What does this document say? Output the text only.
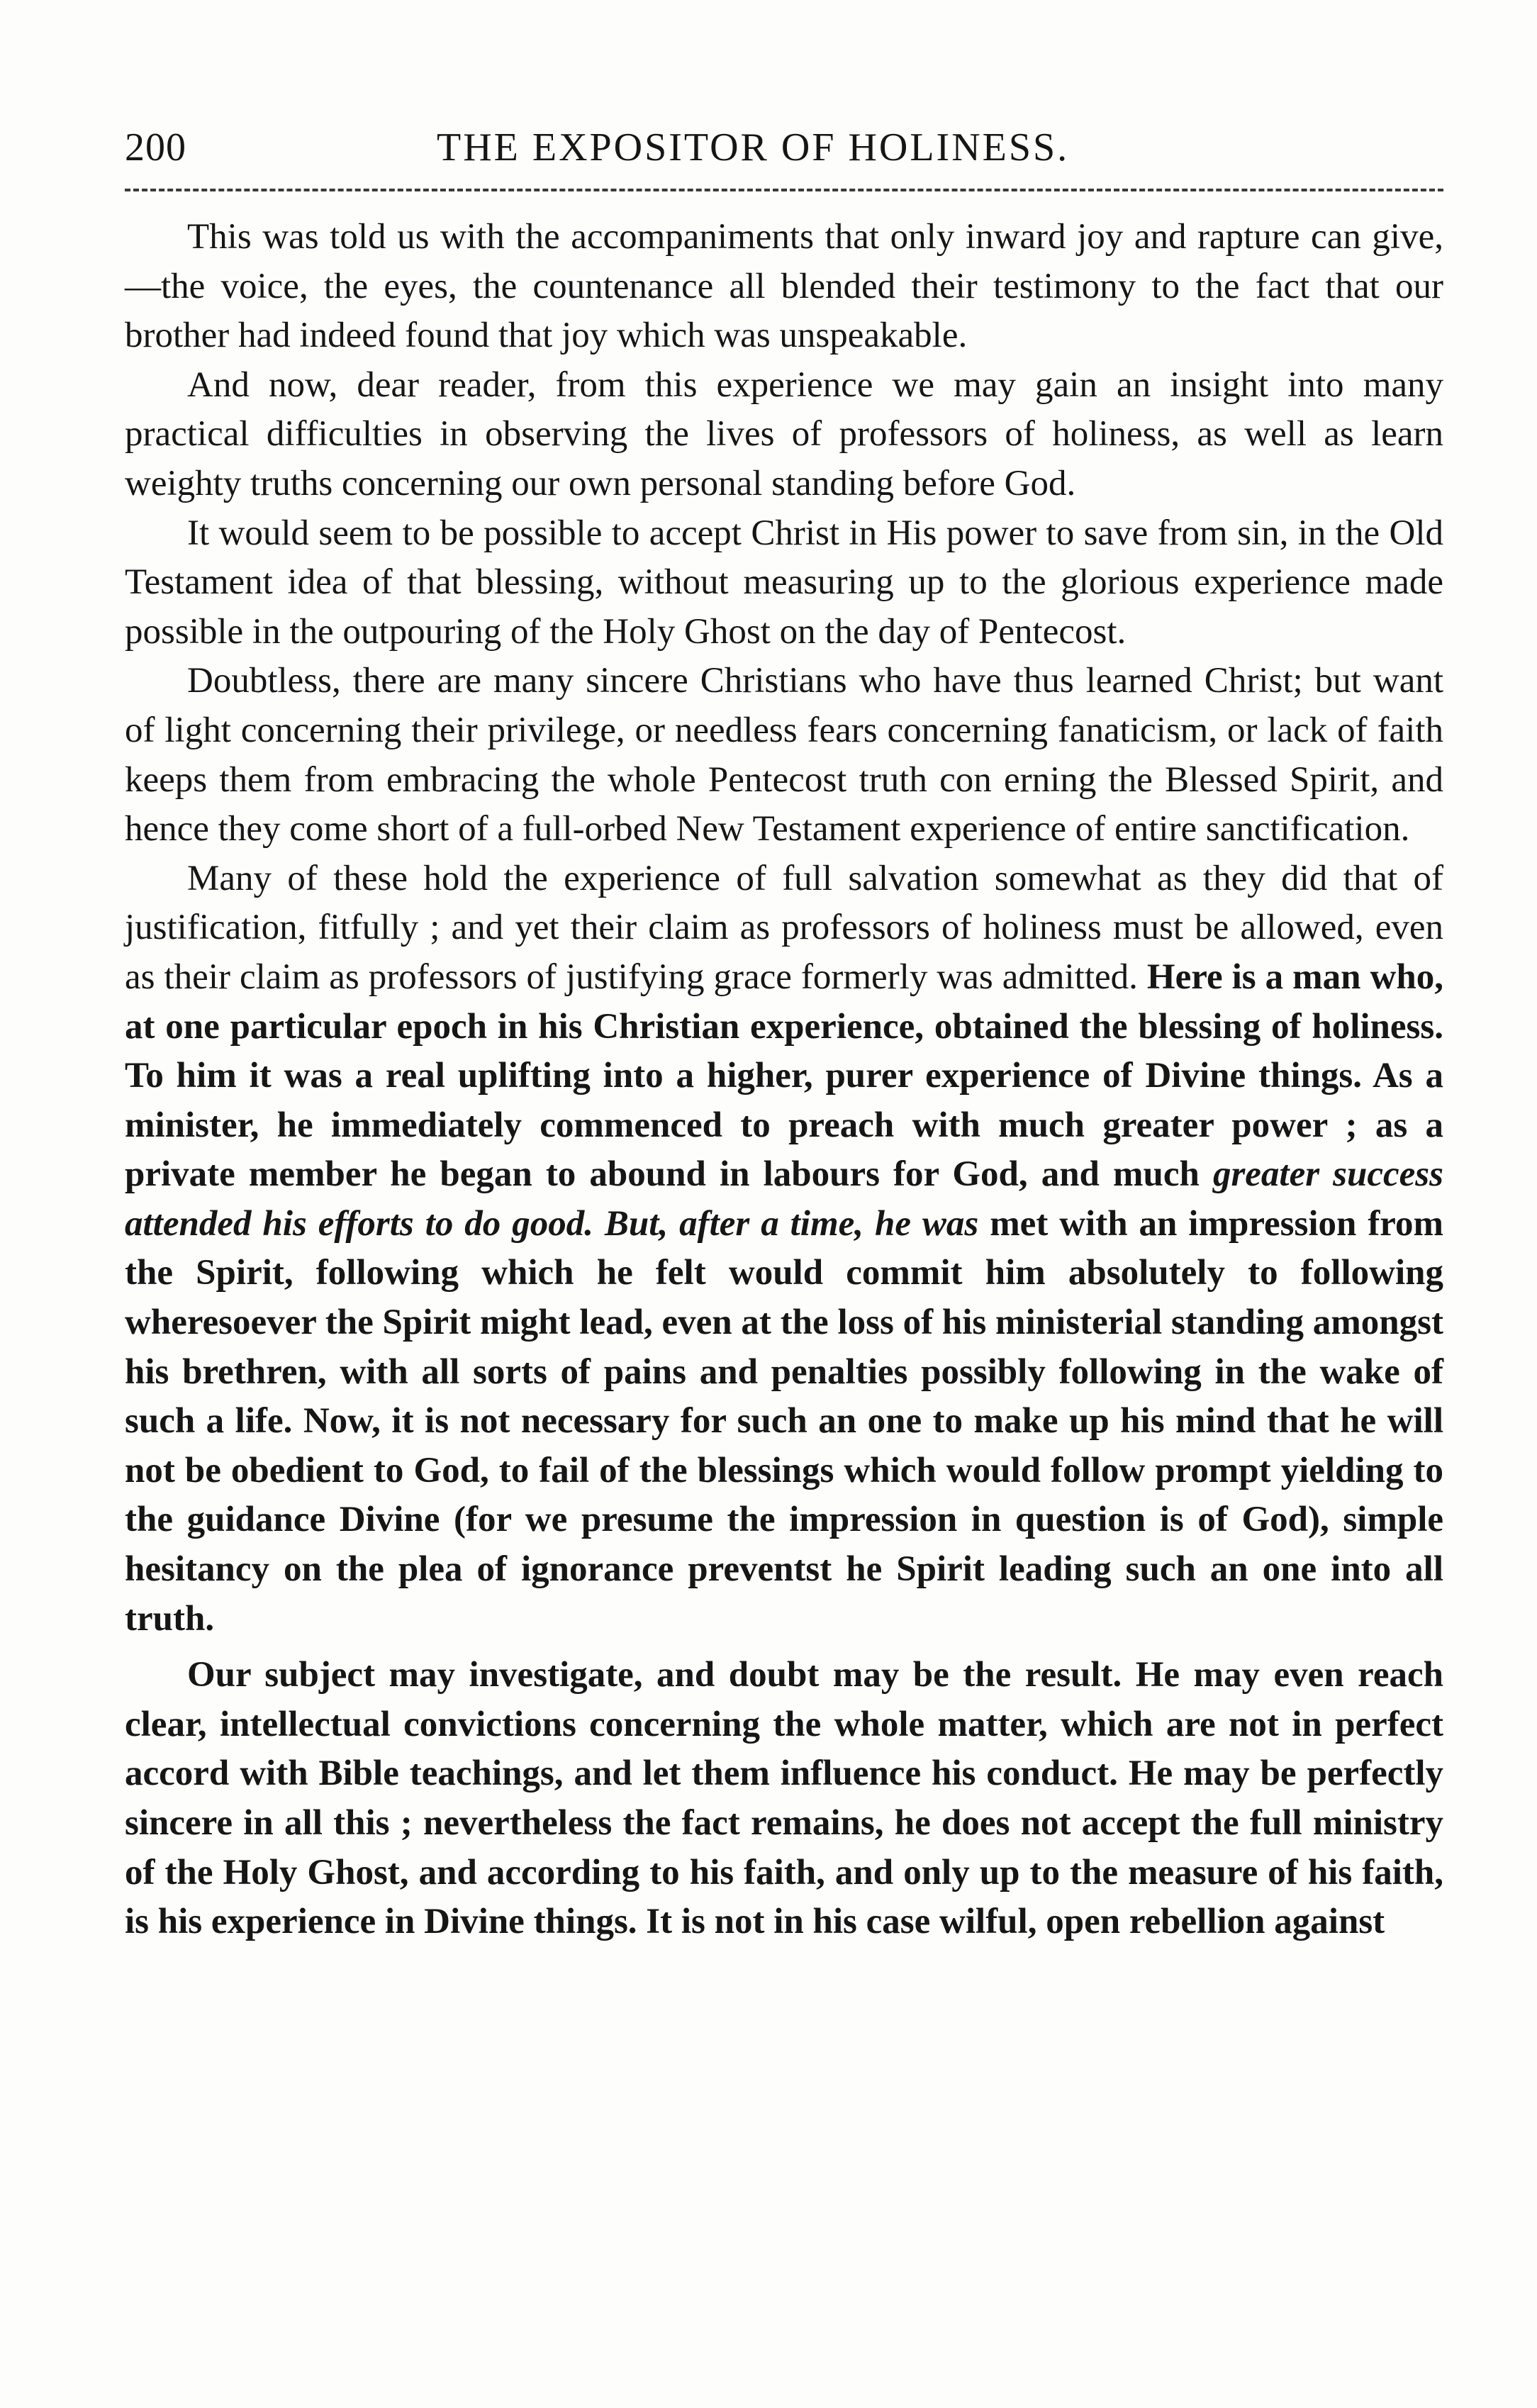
200	THE EXPOSITOR OF HOLINESS.

This was told us with the accompaniments that only inward joy and rapture can give,—the voice, the eyes, the countenance all blended their testimony to the fact that our brother had indeed found that joy which was unspeakable.

And now, dear reader, from this experience we may gain an insight into many practical difficulties in observing the lives of professors of holiness, as well as learn weighty truths concerning our own personal standing before God.

It would seem to be possible to accept Christ in His power to save from sin, in the Old Testament idea of that blessing, without measuring up to the glorious experience made possible in the outpouring of the Holy Ghost on the day of Pentecost.

Doubtless, there are many sincere Christians who have thus learned Christ; but want of light concerning their privilege, or needless fears concerning fanaticism, or lack of faith keeps them from embracing the whole Pentecost truth con erning the Blessed Spirit, and hence they come short of a full-orbed New Testament experience of entire sanctification.

Many of these hold the experience of full salvation somewhat as they did that of justification, fitfully ; and yet their claim as professors of holiness must be allowed, even as their claim as professors of justifying grace formerly was admitted. Here is a man who, at one particular epoch in his Christian experience, obtained the blessing of holiness. To him it was a real uplifting into a higher, purer experience of Divine things. As a minister, he immediately commenced to preach with much greater power ; as a private member he began to abound in labours for God, and much greater success attended his efforts to do good. But, after a time, he was met with an impression from the Spirit, following which he felt would commit him absolutely to following wheresoever the Spirit might lead, even at the loss of his ministerial standing amongst his brethren, with all sorts of pains and penalties possibly following in the wake of such a life. Now, it is not necessary for such an one to make up his mind that he will not be obedient to God, to fail of the blessings which would follow prompt yielding to the guidance Divine (for we presume the impression in question is of God), simple hesitancy on the plea of ignorance preventst he Spirit leading such an one into all truth.

Our subject may investigate, and doubt may be the result. He may even reach clear, intellectual convictions concerning the whole matter, which are not in perfect accord with Bible teachings, and let them influence his conduct. He may be perfectly sincere in all this ; nevertheless the fact remains, he does not accept the full ministry of the Holy Ghost, and according to his faith, and only up to the measure of his faith, is his experience in Divine things. It is not in his case wilful, open rebellion against
